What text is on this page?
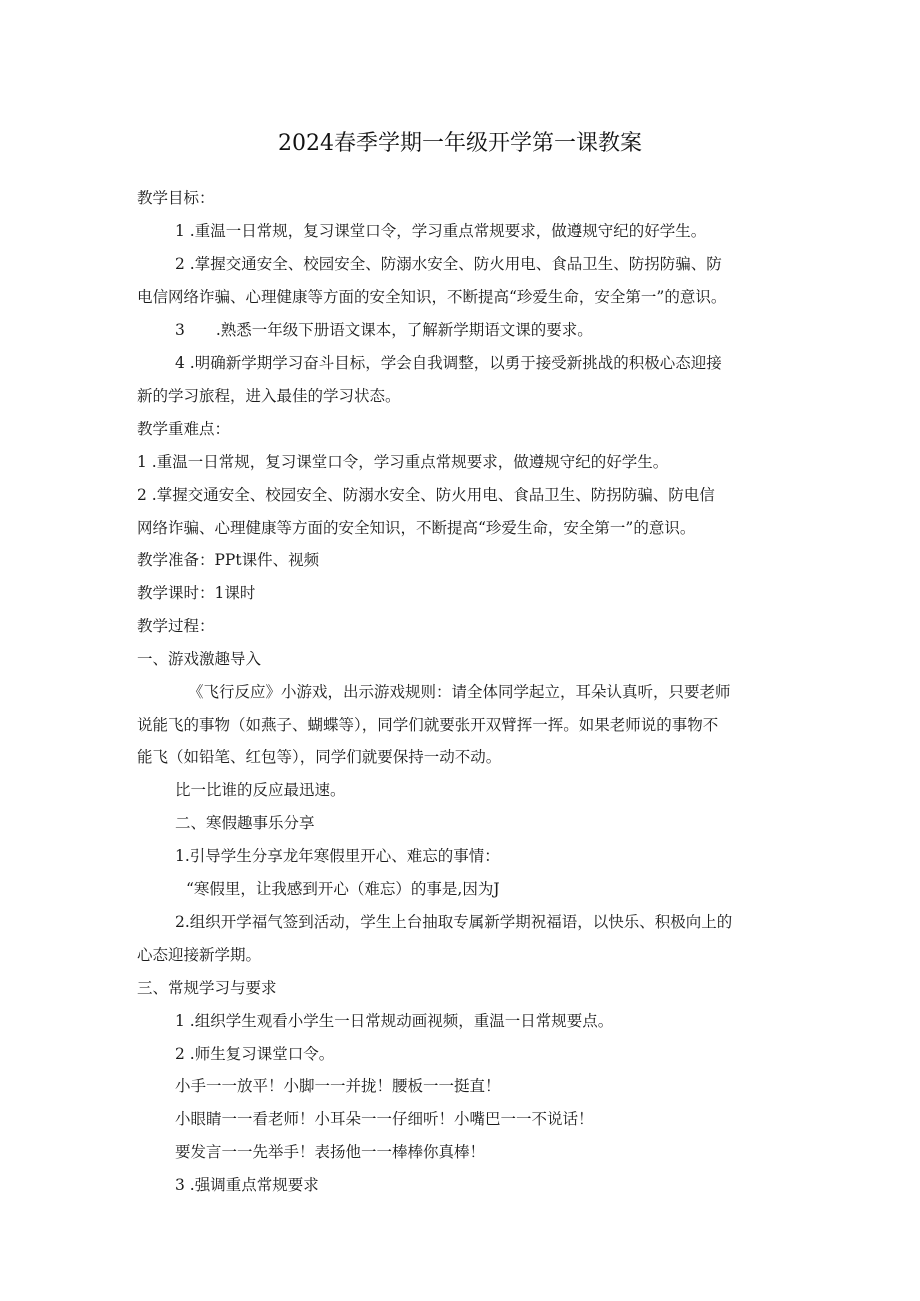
2024春季学期一年级开学第一课教案
教学目标：
1 .重温一日常规，复习课堂口令，学习重点常规要求，做遵规守纪的好学生。
2 .掌握交通安全、校园安全、防溺水安全、防火用电、食品卫生、防拐防骗、防
电信网络诈骗、心理健康等方面的安全知识，不断提高“珍爱生命，安全第一”的意识。
3　　.熟悉一年级下册语文课本，了解新学期语文课的要求。
4 .明确新学期学习奋斗目标，学会自我调整，以勇于接受新挑战的积极心态迎接
新的学习旅程，进入最佳的学习状态。
教学重难点：
1 .重温一日常规，复习课堂口令，学习重点常规要求，做遵规守纪的好学生。
2 .掌握交通安全、校园安全、防溺水安全、防火用电、食品卫生、防拐防骗、防电信
网络诈骗、心理健康等方面的安全知识，不断提高“珍爱生命，安全第一”的意识。
教学准备：PPt课件、视频
教学课时：1课时
教学过程：
一、游戏激趣导入
《飞行反应》小游戏，出示游戏规则：请全体同学起立，耳朵认真听，只要老师
说能飞的事物（如燕子、蝴蝶等），同学们就要张开双臂挥一挥。如果老师说的事物不
能飞（如铅笔、红包等），同学们就要保持一动不动。
比一比谁的反应最迅速。
二、寒假趣事乐分享
1.引导学生分享龙年寒假里开心、难忘的事情：
“寒假里，让我感到开心（难忘）的事是,因为J
2.组织开学福气签到活动，学生上台抽取专属新学期祝福语，以快乐、积极向上的
心态迎接新学期。
三、常规学习与要求
1 .组织学生观看小学生一日常规动画视频，重温一日常规要点。
2 .师生复习课堂口令。
小手一一放平！小脚一一并拢！腰板一一挺直！
小眼睛一一看老师！小耳朵一一仔细听！小嘴巴一一不说话！
要发言一一先举手！表扬他一一棒棒你真棒！
3 .强调重点常规要求
